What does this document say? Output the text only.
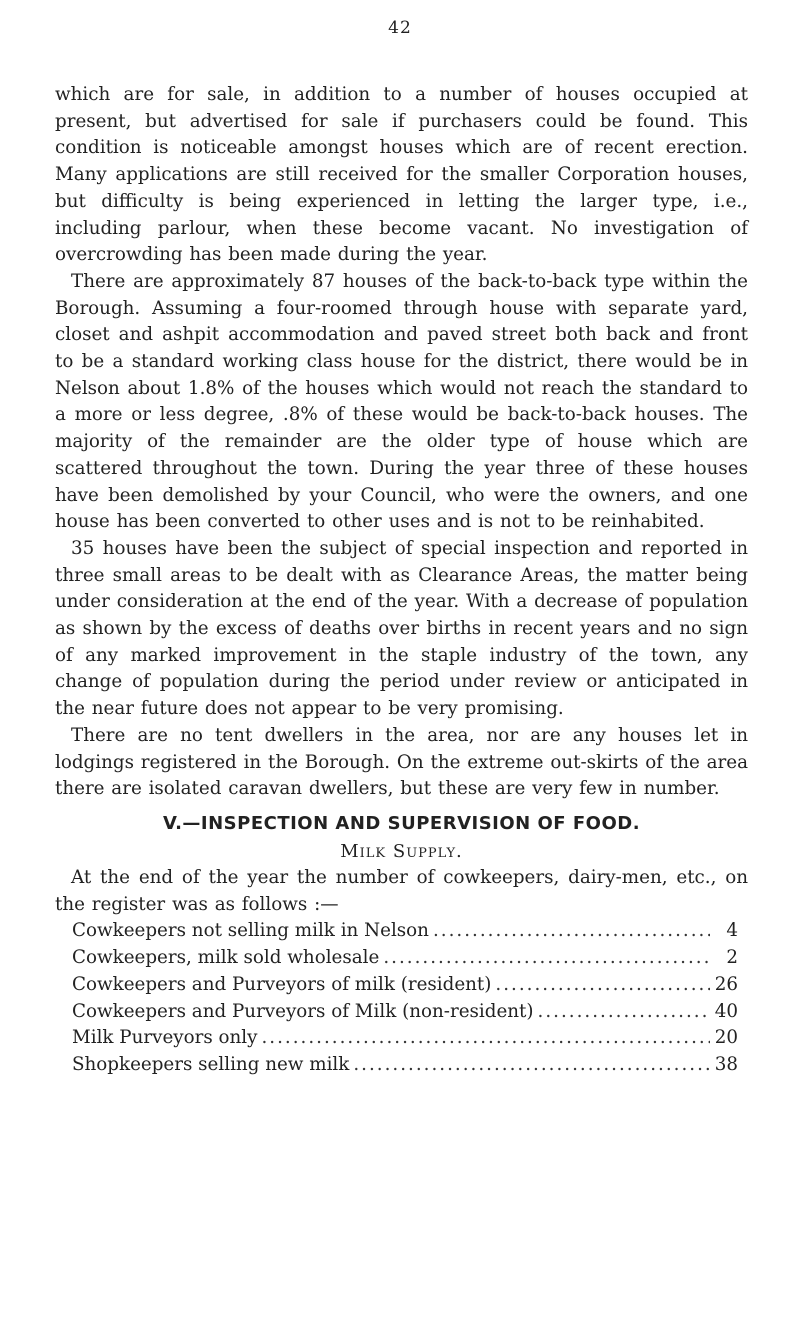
42

which are for sale, in addition to a number of houses occupied at present, but advertised for sale if purchasers could be found. This condition is noticeable amongst houses which are of recent erection. Many applications are still received for the smaller Corporation houses, but difficulty is being experienced in letting the larger type, i.e., including parlour, when these become vacant. No investigation of overcrowding has been made during the year.

There are approximately 87 houses of the back-to-back type within the Borough. Assuming a four-roomed through house with separate yard, closet and ashpit accommodation and paved street both back and front to be a standard working class house for the district, there would be in Nelson about 1.8% of the houses which would not reach the standard to a more or less degree, .8% of these would be back-to-back houses. The majority of the remainder are the older type of house which are scattered throughout the town. During the year three of these houses have been demolished by your Council, who were the owners, and one house has been converted to other uses and is not to be reinhabited.

35 houses have been the subject of special inspection and reported in three small areas to be dealt with as Clearance Areas, the matter being under consideration at the end of the year. With a decrease of population as shown by the excess of deaths over births in recent years and no sign of any marked improvement in the staple industry of the town, any change of population during the period under review or anticipated in the near future does not appear to be very promising.

There are no tent dwellers in the area, nor are any houses let in lodgings registered in the Borough. On the extreme out-skirts of the area there are isolated caravan dwellers, but these are very few in number.

V.—INSPECTION AND SUPERVISION OF FOOD.
Milk Supply.

At the end of the year the number of cowkeepers, dairy-men, etc., on the register was as follows :—

Cowkeepers not selling milk in Nelson .....	4
Cowkeepers, milk sold wholesale .....	2
Cowkeepers and Purveyors of milk (resident) .....	26
Cowkeepers and Purveyors of Milk (non-resident) .....	40
Milk Purveyors only .....	20
Shopkeepers selling new milk .....	38
